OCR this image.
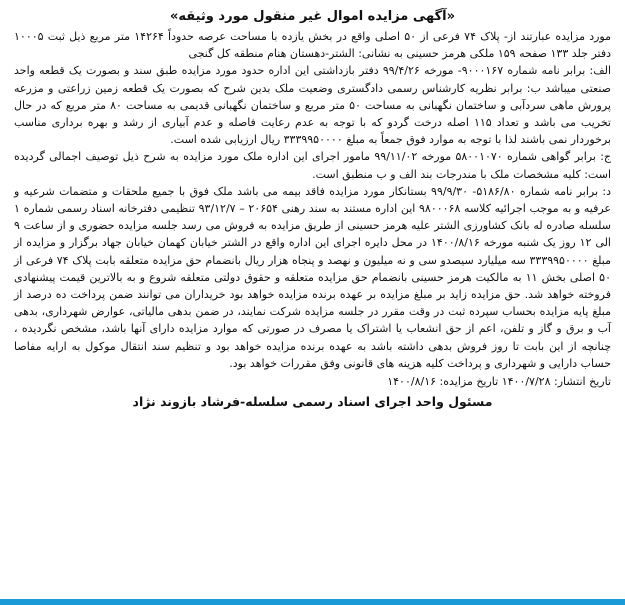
«آگهی مزایده اموال غیر منقول مورد وثیقه»

مورد مزایده عبارتند از- پلاک ۷۴ فرعی از ۵۰ اصلی واقع در بخش یازده با مساحت عرصه حدوداً ۱۴۲۶۴ متر مربع ذیل ثبت ۱۰۰۰۵ دفتر جلد ۱۳۳ صفحه ۱۵۹ ملکی هرمز حسینی به نشانی: الشتر-دهستان هنام منطقه کل گنجی

الف: برابر نامه شماره ۹۰۰۰۱۶۷- مورخه ۹۹/۴/۲۶ دفتر بازداشتی این اداره حدود مورد مزایده طبق سند و بصورت یک قطعه واحد صنعتی میباشد ب: برابر نظریه کارشناس رسمی دادگستری وضعیت ملک بدین شرح که بصورت یک قطعه زمین زراعتی و مزرعه پرورش ماهی سردآبی و ساختمان نگهبانی به مساحت ۵۰ متر مربع و ساختمان نگهبانی قدیمی به مساحت ۸۰ متر مربع که در حال تخریب می باشد و تعداد ۱۱۵ اصله درخت گردو که با توجه به عدم رعایت فاصله و عدم آبیاری از رشد و بهره برداری مناسب برخوردار نمی باشند لذا با توجه به موارد فوق جمعاً به مبلغ ۳۳۳۹۹۵۰۰۰۰ ریال ارزیابی شده است.

ج: برابر گواهی شماره ۵۸۰۰۱۰۷۰ مورخه ۹۹/۱۱/۰۲ مامور اجرای این اداره ملک مورد مزایده به شرح ذیل توصیف اجمالی گردیده است: کلیه مشخصات ملک با مندرجات بند الف و ب منطبق است.

د: برابر نامه شماره ۵۱۸۶/۸۰- ۹۹/۹/۳۰ بستانکار مورد مزایده فاقد بیمه می باشد ملک فوق با جمیع ملحقات و متضمات شرعیه و عرفیه و به موجب اجرائیه کلاسه ۹۸۰۰۰۶۸ این اداره مستند به سند رهنی ۲۰۶۵۴ – ۹۳/۱۲/۷ تنظیمی دفترخانه اسناد رسمی شماره ۱ سلسله صادره له بانک کشاورزی الشتر علیه هرمز حسینی از طریق مزایده به فروش می رسد جلسه مزایده حضوری و از ساعت ۹ الی ۱۲ روز یک شنبه مورخه ۱۴۰۰/۸/۱۶ در محل دایره اجرای این اداره واقع در الشتر خیابان کهمان خیابان جهاد برگزار و مزایده از مبلغ ۳۳۳۹۹۵۰۰۰۰ سه میلیارد سیصدو سی و نه میلیون و نهصد و پنجاه هزار ریال بانضمام حق مزایده متعلقه بابت پلاک ۷۴ فرعی از ۵۰ اصلی بخش ۱۱ به مالکیت هرمز حسینی بانضمام حق مزایده متعلقه و حقوق دولتی متعلقه شروع و به بالاترین قیمت پیشنهادی فروخته خواهد شد. حق مزایده زاید بر مبلغ مزایده بر عهده برنده مزایده خواهد بود خریداران می توانند ضمن پرداخت ده درصد از مبلغ پایه مزایده بحساب سپرده ثبت در وقت مقرر در جلسه مزایده شرکت نمایند، در ضمن بدهی مالیاتی، عوارض شهرداری، بدهی آب و برق و گاز و تلفن، اعم از حق انشعاب یا اشتراک یا مصرف در صورتی که موارد مزایده دارای آنها باشد، مشخص نگردیده ، چنانچه از این بابت تا روز فروش بدهی داشته باشد به عهده برنده مزایده خواهد بود و تنظیم سند انتقال موکول به ارایه مفاصا حساب دارایی و شهرداری و پرداخت کلیه هزینه های قانونی وفق مقررات خواهد بود.

تاریخ انتشار: ۱۴۰۰/۷/۲۸ تاریخ مزایده: ۱۴۰۰/۸/۱۶
مسئول واحد اجرای اسناد رسمی سلسله-فرشاد بازوند نژاد
